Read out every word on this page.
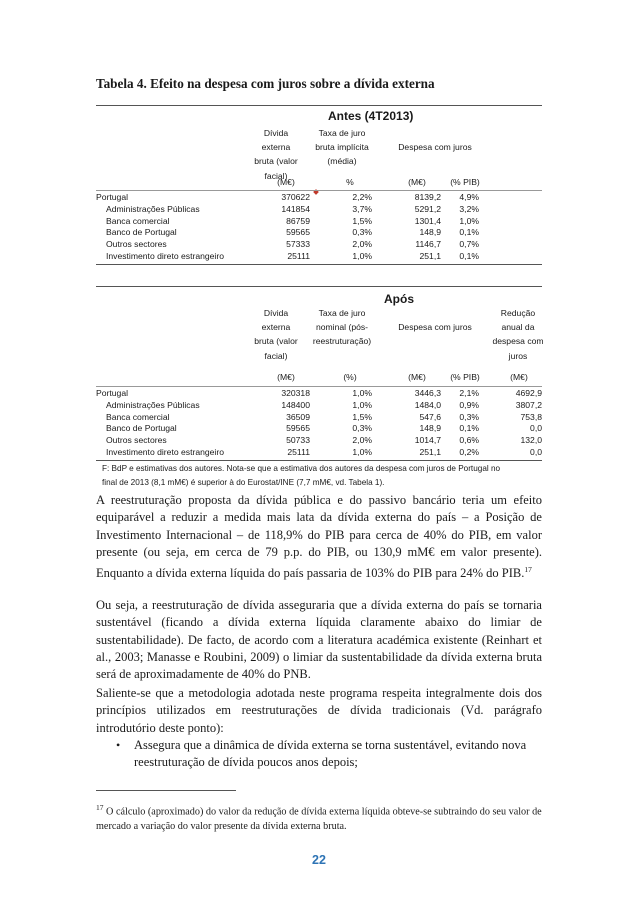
Tabela 4. Efeito na despesa com juros sobre a dívida externa
Antes (4T2013)
Dívida
externa
bruta (valor
facial)
Taxa de juro
bruta implícita
(média)
Despesa com juros
(M€)	%	(M€)	(% PIB)
Portugal	370622	2,2%	8139,2	4,9%
Administrações Públicas	141854	3,7%	5291,2	3,2%
Banca comercial	86759	1,5%	1301,4	1,0%
Banco de Portugal	59565	0,3%	148,9	0,1%
Outros sectores	57333	2,0%	1146,7	0,7%
Investimento direto estrangeiro	25111	1,0%	251,1	0,1%
Após
Dívida
externa
bruta (valor
facial)
Taxa de juro
nominal (pós-
reestruturação)
Despesa com juros
Redução
anual da
despesa com
juros
(M€)	(%)	(M€)	(% PIB)	(M€)
Portugal	320318	1,0%	3446,3	2,1%	4692,9
Administrações Públicas	148400	1,0%	1484,0	0,9%	3807,2
Banca comercial	36509	1,5%	547,6	0,3%	753,8
Banco de Portugal	59565	0,3%	148,9	0,1%	0,0
Outros sectores	50733	2,0%	1014,7	0,6%	132,0
Investimento direto estrangeiro	25111	1,0%	251,1	0,2%	0,0
F: BdP e estimativas dos autores. Nota-se que a estimativa dos autores da despesa com juros de Portugal no
final de 2013 (8,1 mM€) é superior à do Eurostat/INE (7,7 mM€, vd. Tabela 1).

A reestruturação proposta da dívida pública e do passivo bancário teria um efeito equiparável a reduzir a medida mais lata da dívida externa do país – a Posição de Investimento Internacional – de 118,9% do PIB para cerca de 40% do PIB, em valor presente (ou seja, em cerca de 79 p.p. do PIB, ou 130,9 mM€ em valor presente). Enquanto a dívida externa líquida do país passaria de 103% do PIB para 24% do PIB.$^{17}$

Ou seja, a reestruturação de dívida asseguraria que a dívida externa do país se tornaria sustentável (ficando a dívida externa líquida claramente abaixo do limiar de sustentabilidade). De facto, de acordo com a literatura académica existente (Reinhart et al., 2003; Manasse e Roubini, 2009) o limiar da sustentabilidade da dívida externa bruta será de aproximadamente de 40% do PNB.

Saliente-se que a metodologia adotada neste programa respeita integralmente dois dos princípios utilizados em reestruturações de dívida tradicionais (Vd. parágrafo introdutório deste ponto):

• Assegura que a dinâmica de dívida externa se torna sustentável, evitando nova reestruturação de dívida poucos anos depois;

$^{17}$ O cálculo (aproximado) do valor da redução de dívida externa líquida obteve-se subtraindo do seu valor de mercado a variação do valor presente da dívida externa bruta.

22
